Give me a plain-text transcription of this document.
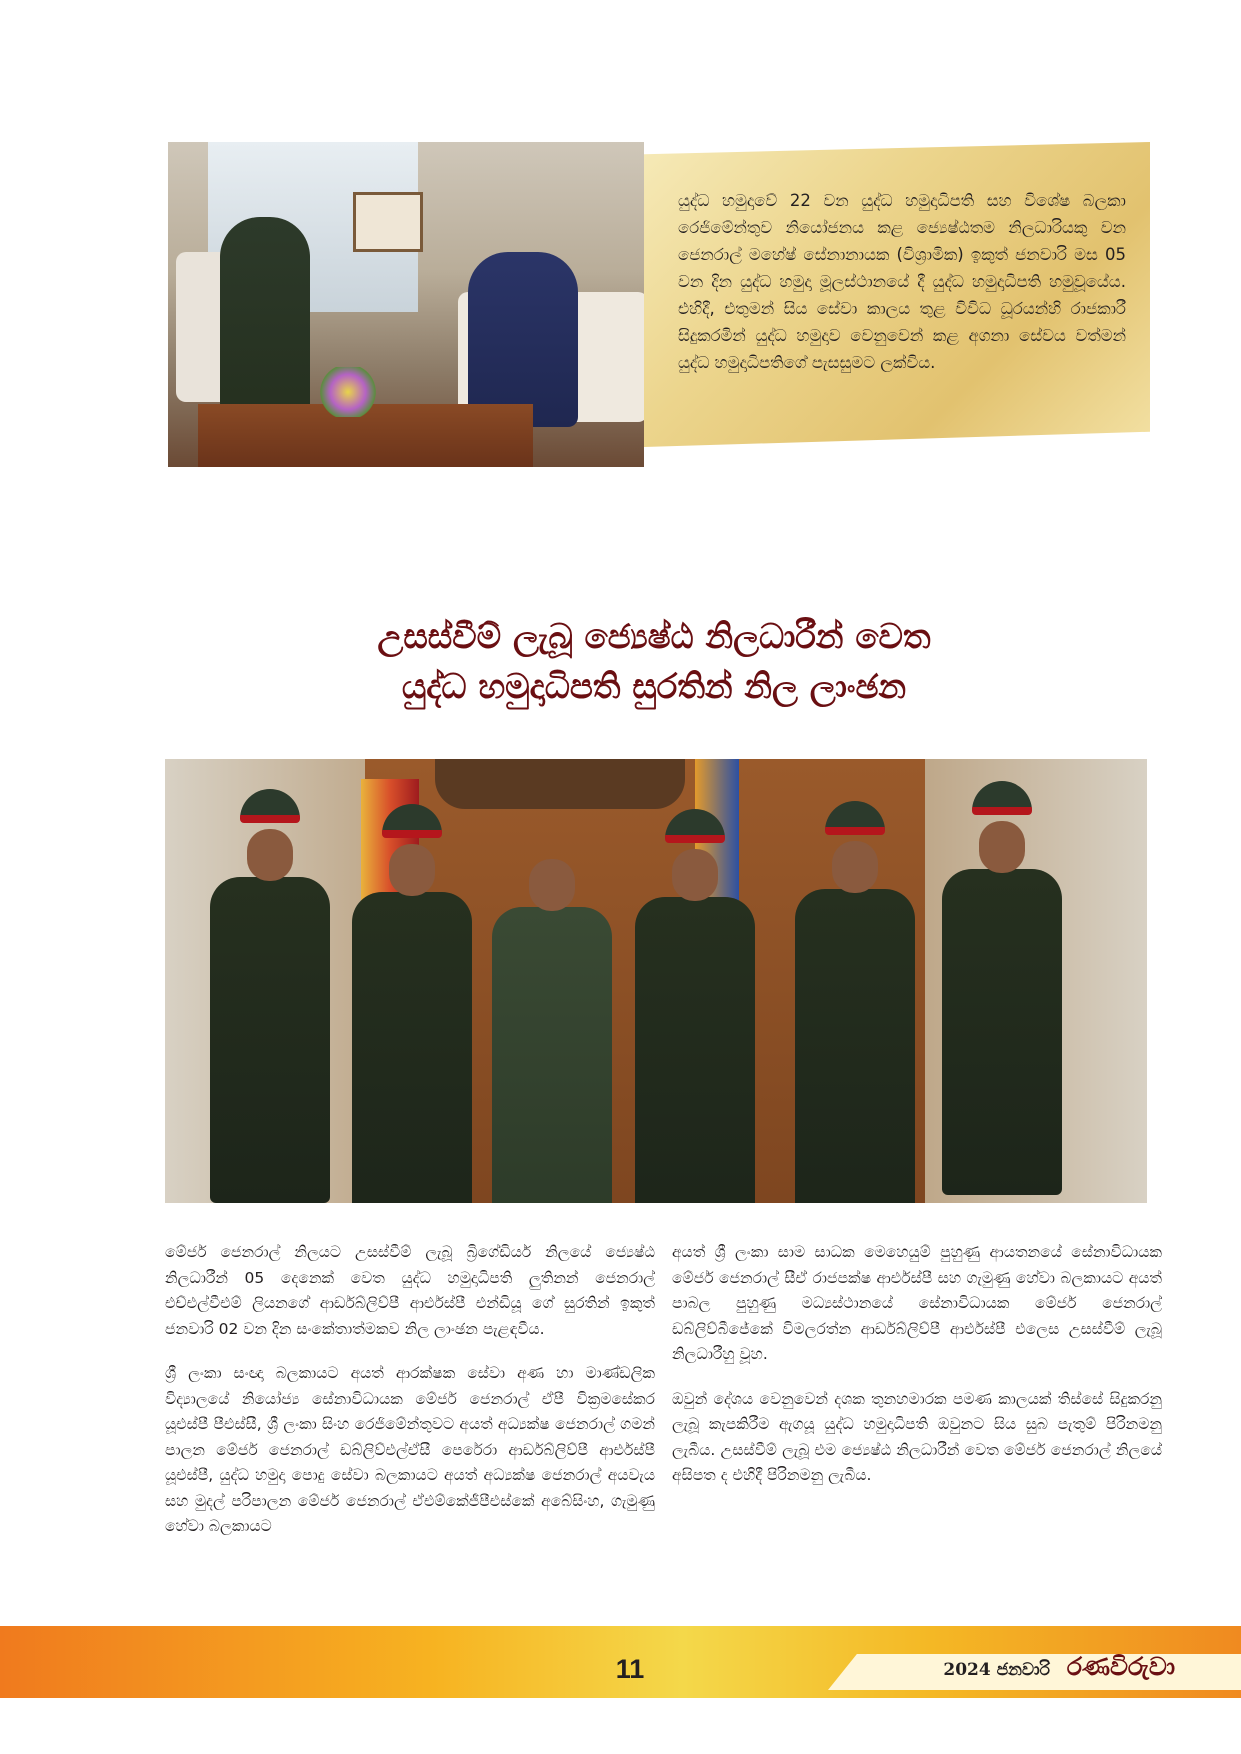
යුද්ධ හමුදාවේ 22 වන යුද්ධ හමුදාධිපති සහ විශේෂ බලකා රෙජිමේන්තුව නියෝජනය කළ ජ්‍යෙෂ්ඨතම නිලධාරියකු වන ජෙනරාල් මහේෂ් සේනානායක (විශ්‍රාමික) ඉකුත් ජනවාරි මස 05 වන දින යුද්ධ හමුදා මූලස්ථානයේ දී යුද්ධ හමුදාධිපති හමුවූයේය. එහිදී, එතුමන් සිය සේවා කාලය තුළ විවිධ ධූරයන්හි රාජකාරී සිදුකරමින් යුද්ධ හමුදාව වෙනුවෙන් කළ අගනා සේවය වත්මන් යුද්ධ හමුදාධිපතිගේ පැසසුමට ලක්විය.

උසස්වීම් ලැබූ ජ්‍යෙෂ්ඨ නිලධාරීන් වෙත
යුද්ධ හමුදාධිපති සුරතින් නිල ලාංඡන

මේජර් ජෙනරාල් නිලයට උසස්වීම් ලැබූ බ්‍රිගේඩියර් නිලයේ ජ්‍යෙෂ්ඨ නිලධාරීන් 05 දෙනෙක් වෙත යුද්ධ හමුදාධිපති ලුතිනන් ජෙනරාල් එච්එල්වීඑම් ලියනගේ ආර්ඩබ්ලිව්පී ආර්එස්පී එන්ඩියූ ගේ සුරතින් ඉකුත් ජනවාරි 02 වන දින සංකේතාත්මකව නිල ලාංඡන පැළඳවීය.

ශ්‍රී ලංකා සංඥා බලකායට අයත් ආරක්ෂක සේවා අණ හා මාණ්ඩලික විද්‍යාලයේ නියෝජ්‍ය සේනාවිධායක මේජර් ජෙනරාල් ඒපී වික්‍රමසේකර යූඑස්පී පීඑස්සී, ශ්‍රී ලංකා සිංහ රෙජිමේන්තුවට අයත් අධ්‍යක්ෂ ජෙනරාල් ගමන් පාලන මේජර් ජෙනරාල් ඩබ්ලිව්එල්ඒසී පෙරේරා ආර්ඩබ්ලිව්පී ආර්එස්පී යූඑස්පී, යුද්ධ හමුදා පොදු සේවා බලකායට අයත් අධ්‍යක්ෂ ජෙනරාල් අයවැය සහ මුදල් පරිපාලන මේජර් ජෙනරාල් ඒඑම්කේජීපීඑස්කේ අබේසිංහ, ගැමුණු හේවා බලකායට

අයත් ශ්‍රී ලංකා සාම සාධක මෙහෙයුම් පුහුණු ආයතනයේ සේනාවිධායක මේජර් ජෙනරාල් සීඒ රාජපක්ෂ ආර්එස්පී සහ ගැමුණු හේවා බලකායට අයත් පාබල පුහුණු මධ්‍යස්ථානයේ සේනාවිධායක මේජර් ජෙනරාල් ඩබ්ලිව්බීජේකේ විමලරත්න ආර්ඩබ්ලිව්පී ආර්එස්පී එලෙස උසස්වීම් ලැබූ නිලධාරීහු වූහ.

ඔවුන් දේශය වෙනුවෙන් දශක තුනහමාරක පමණ කාලයක් තිස්සේ සිදුකරනු ලැබූ කැපකිරීම ඇගයූ යුද්ධ හමුදාධිපති ඔවුනට සිය සුබ පැතුම් පිරිනමනු ලැබීය. උසස්වීම් ලැබූ එම ජ්‍යෙෂ්ඨ නිලධාරීන් වෙත මේජර් ජෙනරාල් නිලයේ අසිපත ද එහිදී පිරිනමනු ලැබීය.

11	2024 ජනවාරි රණවිරුවා
